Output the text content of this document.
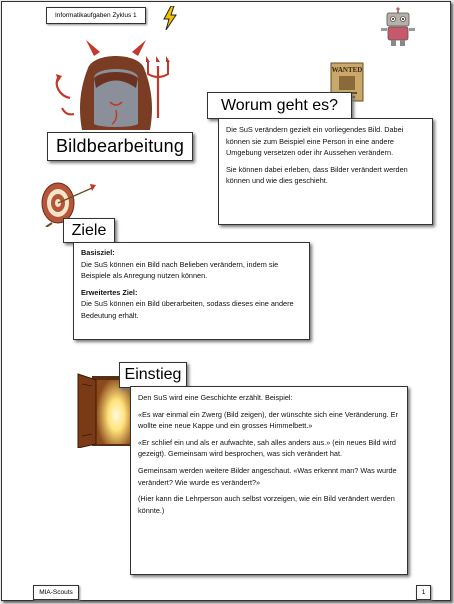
Informatikaufgaben Zyklus 1
Bildbearbeitung
WANTED
Worum geht es?

Die SuS verändern gezielt ein vorliegendes Bild. Dabei können sie zum Beispiel eine Person in eine andere Umgebung versetzen oder ihr Aussehen verändern.

Sie können dabei erleben, dass Bilder verändert werden können und wie dies geschieht.

Ziele

Basisziel:

Die SuS können ein Bild nach Belieben verändern, indem sie Beispiele als Anregung nutzen können.

Erweitertes Ziel:

Die SuS können ein Bild überarbeiten, sodass dieses eine andere Bedeutung erhält.

Einstieg

Den SuS wird eine Geschichte erzählt. Beispiel:

«Es war einmal ein Zwerg (Bild zeigen), der wünschte sich eine Veränderung. Er wollte eine neue Kappe und ein grosses Himmelbett.»

«Er schlief ein und als er aufwachte, sah alles anders aus.» (ein neues Bild wird gezeigt). Gemeinsam wird besprochen, was sich verändert hat.

Gemeinsam werden weitere Bilder angeschaut. «Was erkennt man? Was wurde verändert? Wie wurde es verändert?»

(Hier kann die Lehrperson auch selbst vorzeigen, wie ein Bild verändert werden könnte.)

MIA-Scouts	1
